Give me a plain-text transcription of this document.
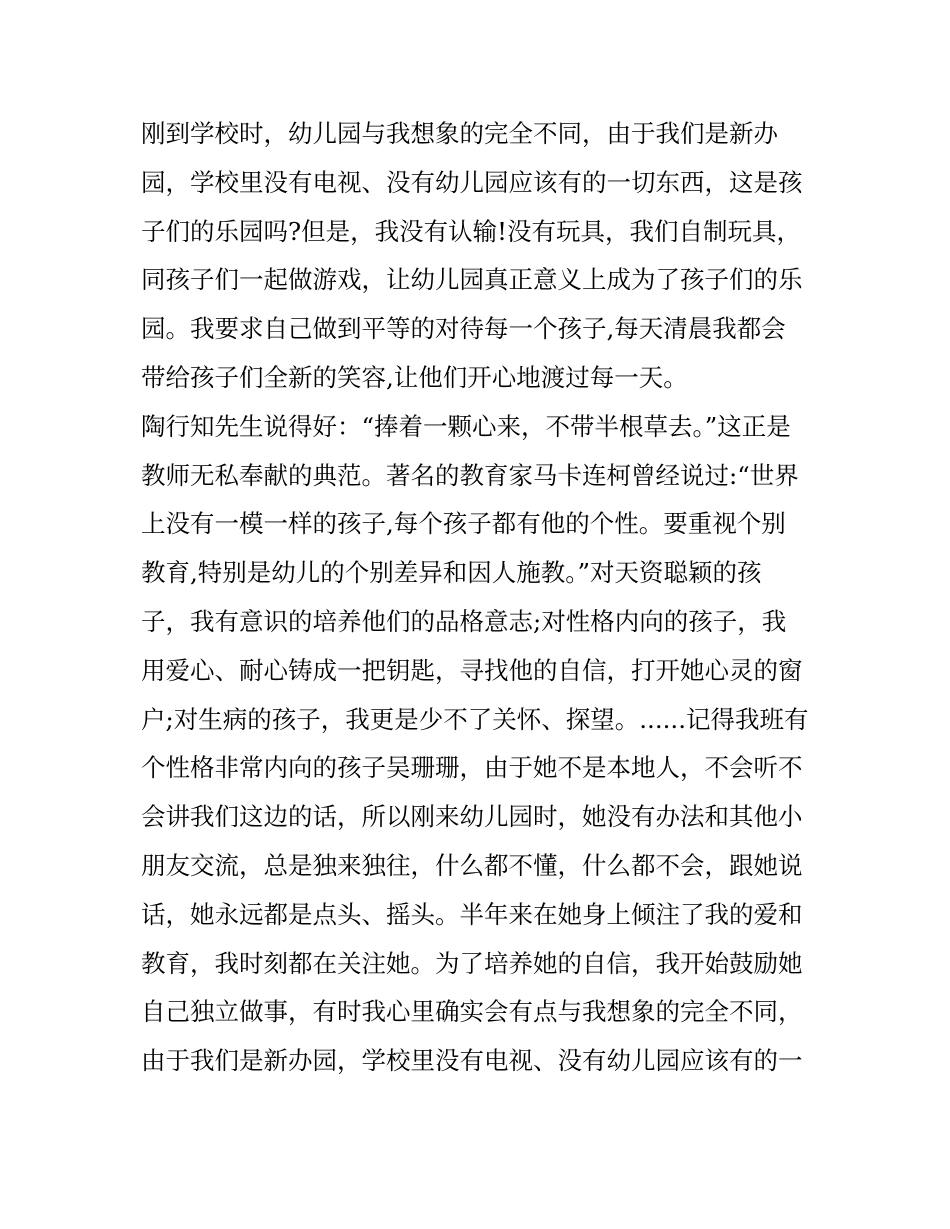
刚到学校时，幼儿园与我想象的完全不同，由于我们是新办
园，学校里没有电视、没有幼儿园应该有的一切东西，这是孩
子们的乐园吗?但是，我没有认输!没有玩具，我们自制玩具，
同孩子们一起做游戏，让幼儿园真正意义上成为了孩子们的乐
园。我要求自己做到平等的对待每一个孩子,每天清晨我都会
带给孩子们全新的笑容,让他们开心地渡过每一天。
陶行知先生说得好：“捧着一颗心来，不带半根草去。”这正是
教师无私奉献的典范。著名的教育家马卡连柯曾经说过:“世界
上没有一模一样的孩子,每个孩子都有他的个性。要重视个别
教育,特别是幼儿的个别差异和因人施教。”对天资聪颖的孩
子，我有意识的培养他们的品格意志;对性格内向的孩子，我
用爱心、耐心铸成一把钥匙，寻找他的自信，打开她心灵的窗
户;对生病的孩子，我更是少不了关怀、探望。......记得我班有
个性格非常内向的孩子吴珊珊，由于她不是本地人，不会听不
会讲我们这边的话，所以刚来幼儿园时，她没有办法和其他小
朋友交流，总是独来独往，什么都不懂，什么都不会，跟她说
话，她永远都是点头、摇头。半年来在她身上倾注了我的爱和
教育，我时刻都在关注她。为了培养她的自信，我开始鼓励她
自己独立做事，有时我心里确实会有点与我想象的完全不同，
由于我们是新办园，学校里没有电视、没有幼儿园应该有的一
